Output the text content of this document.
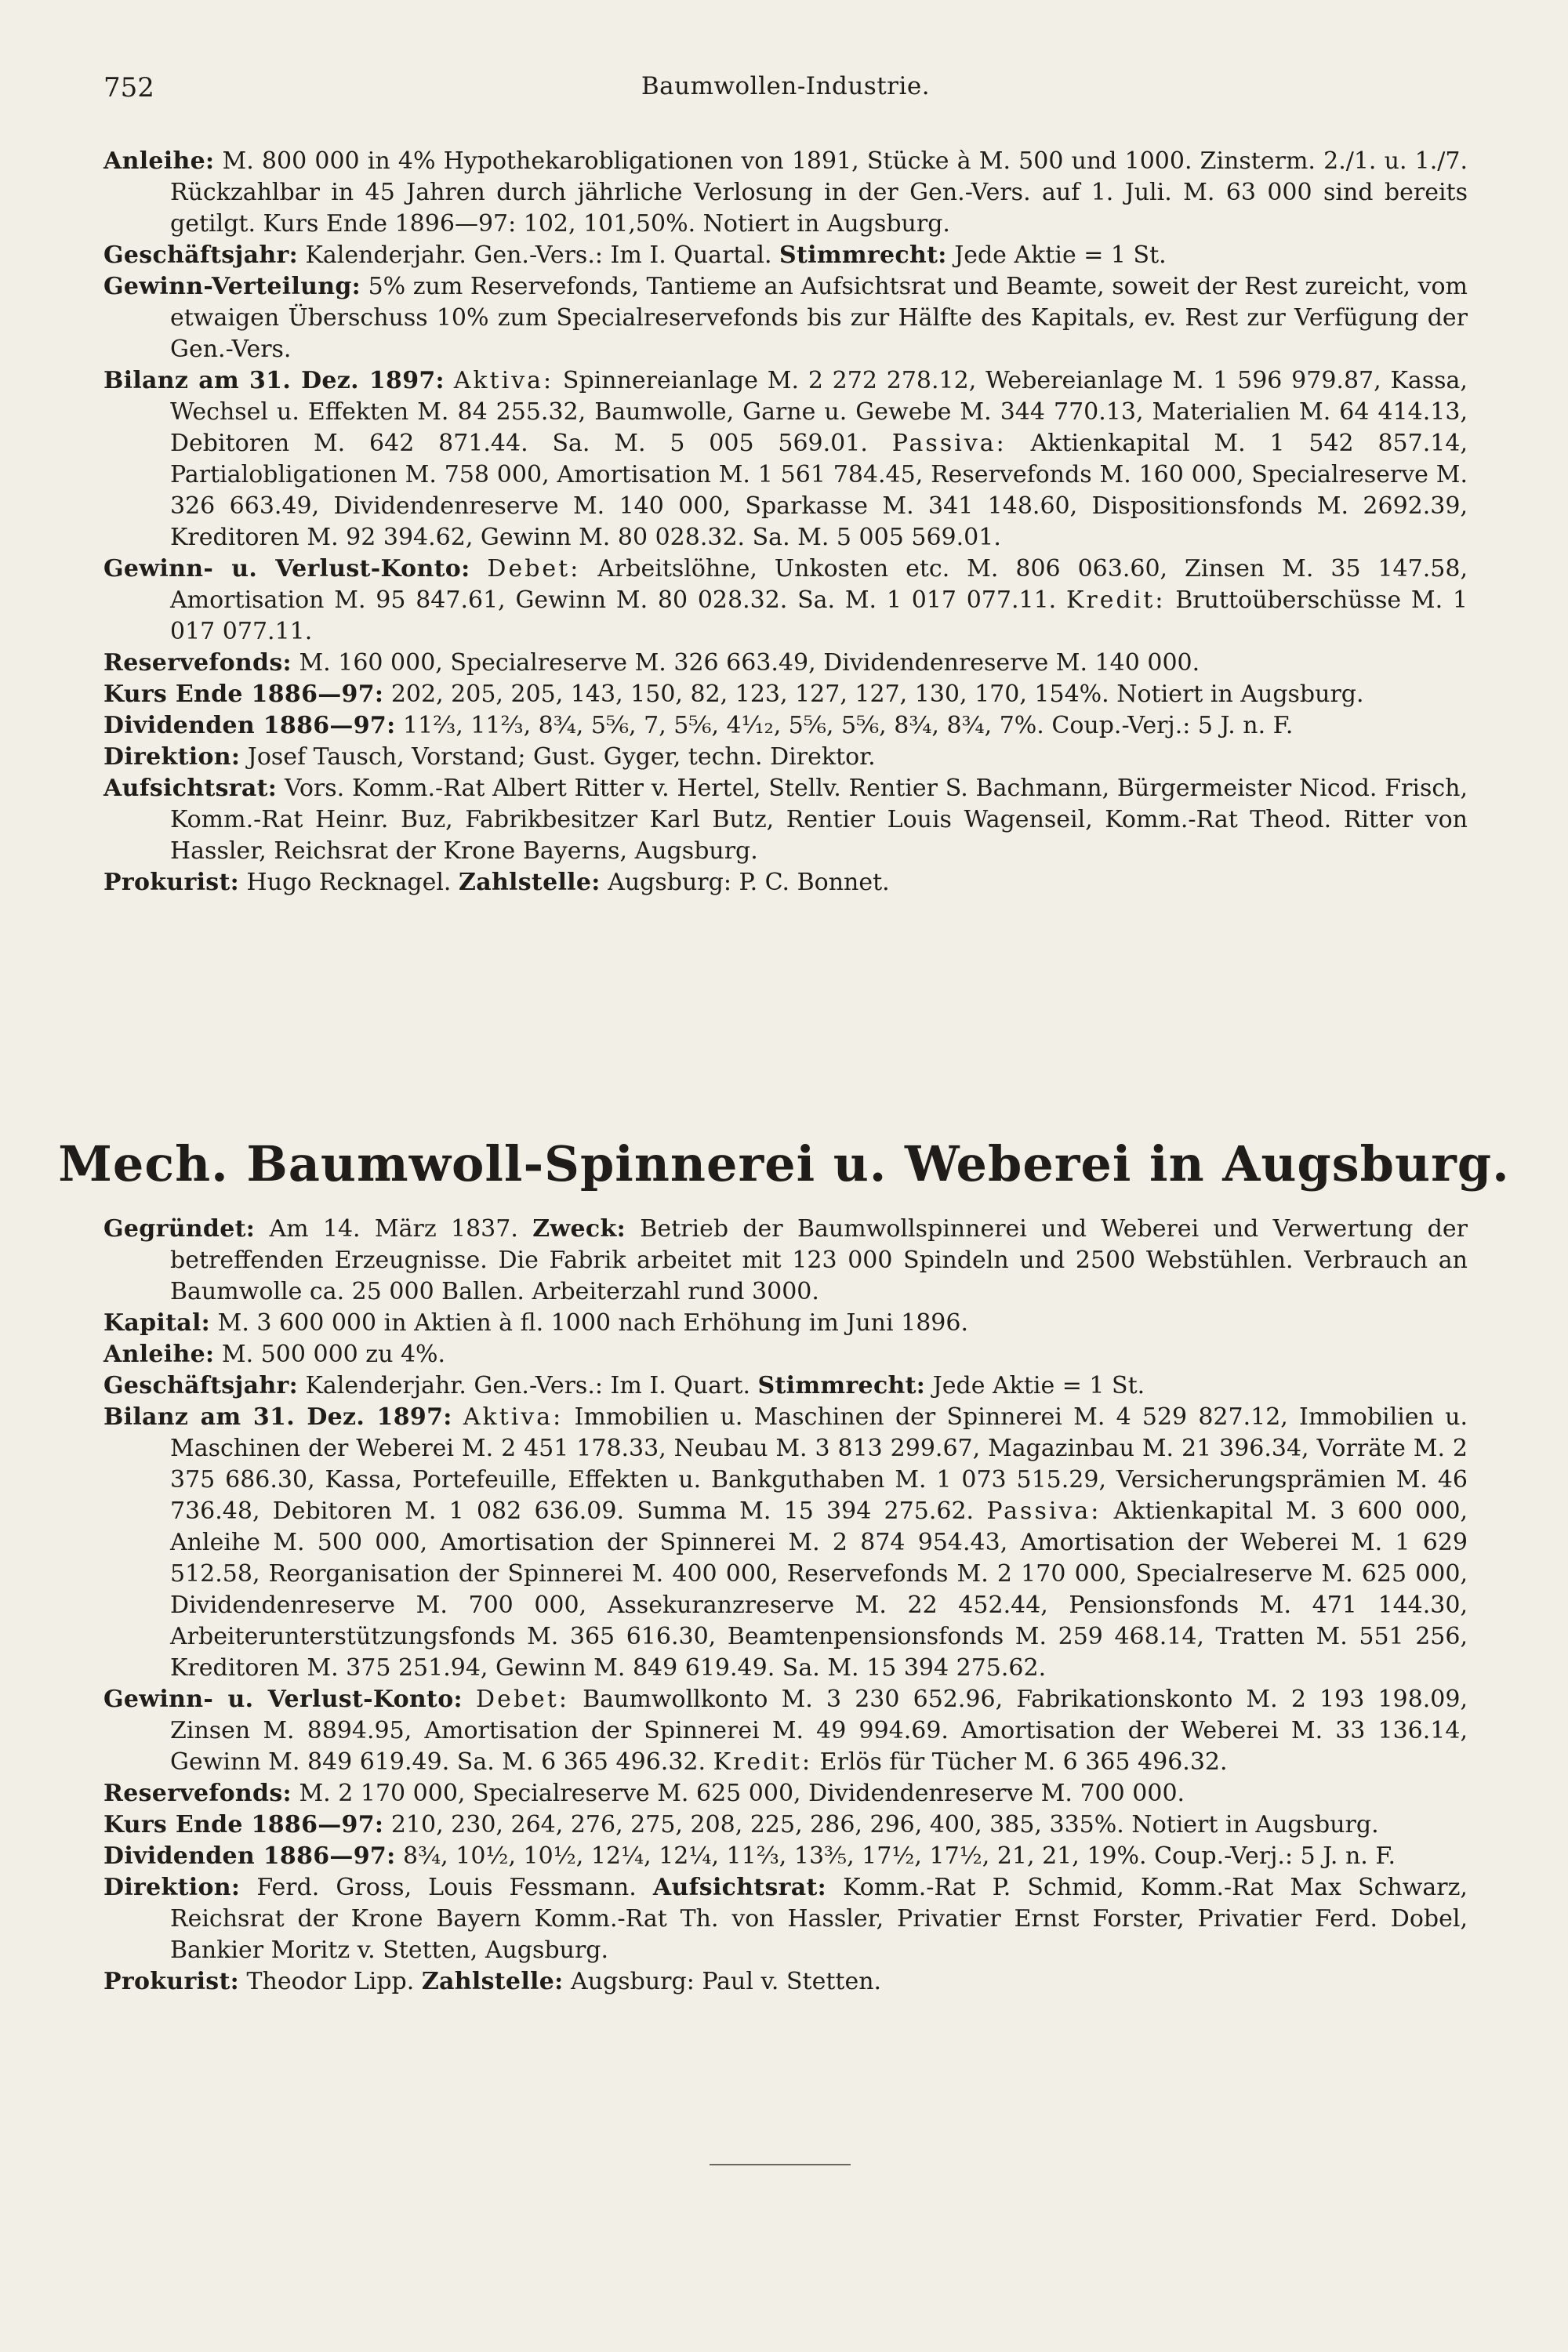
752	Baumwollen-Industrie.

Anleihe: M. 800 000 in 4% Hypothekarobligationen von 1891, Stücke à M. 500 und 1000. Zinsterm. 2./1. u. 1./7. Rückzahlbar in 45 Jahren durch jährliche Verlosung in der Gen.-Vers. auf 1. Juli. M. 63 000 sind bereits getilgt. Kurs Ende 1896—97: 102, 101,50%. Notiert in Augsburg.

Geschäftsjahr: Kalenderjahr. Gen.-Vers.: Im I. Quartal. Stimmrecht: Jede Aktie = 1 St.

Gewinn-Verteilung: 5% zum Reservefonds, Tantieme an Aufsichtsrat und Beamte, soweit der Rest zureicht, vom etwaigen Überschuss 10% zum Specialreservefonds bis zur Hälfte des Kapitals, ev. Rest zur Verfügung der Gen.-Vers.

Bilanz am 31. Dez. 1897: Aktiva: Spinnereianlage M. 2 272 278.12, Webereianlage M. 1 596 979.87, Kassa, Wechsel u. Effekten M. 84 255.32, Baumwolle, Garne u. Gewebe M. 344 770.13, Materialien M. 64 414.13, Debitoren M. 642 871.44. Sa. M. 5 005 569.01. Passiva: Aktienkapital M. 1 542 857.14, Partialobligationen M. 758 000, Amortisation M. 1 561 784.45, Reservefonds M. 160 000, Specialreserve M. 326 663.49, Dividendenreserve M. 140 000, Sparkasse M. 341 148.60, Dispositionsfonds M. 2692.39, Kreditoren M. 92 394.62, Gewinn M. 80 028.32. Sa. M. 5 005 569.01.

Gewinn- u. Verlust-Konto: Debet: Arbeitslöhne, Unkosten etc. M. 806 063.60, Zinsen M. 35 147.58, Amortisation M. 95 847.61, Gewinn M. 80 028.32. Sa. M. 1 017 077.11. Kredit: Bruttoüberschüsse M. 1 017 077.11.

Reservefonds: M. 160 000, Specialreserve M. 326 663.49, Dividendenreserve M. 140 000.

Kurs Ende 1886—97: 202, 205, 205, 143, 150, 82, 123, 127, 127, 130, 170, 154%. Notiert in Augsburg.

Dividenden 1886—97: 11⅔, 11⅔, 8¾, 5⅚, 7, 5⅚, 4¹⁄₁₂, 5⅚, 5⅚, 8¾, 8¾, 7%. Coup.-Verj.: 5 J. n. F.

Direktion: Josef Tausch, Vorstand; Gust. Gyger, techn. Direktor.

Aufsichtsrat: Vors. Komm.-Rat Albert Ritter v. Hertel, Stellv. Rentier S. Bachmann, Bürgermeister Nicod. Frisch, Komm.-Rat Heinr. Buz, Fabrikbesitzer Karl Butz, Rentier Louis Wagenseil, Komm.-Rat Theod. Ritter von Hassler, Reichsrat der Krone Bayerns, Augsburg.

Prokurist: Hugo Recknagel. Zahlstelle: Augsburg: P. C. Bonnet.

Mech. Baumwoll-Spinnerei u. Weberei in Augsburg.

Gegründet: Am 14. März 1837. Zweck: Betrieb der Baumwollspinnerei und Weberei und Verwertung der betreffenden Erzeugnisse. Die Fabrik arbeitet mit 123 000 Spindeln und 2500 Webstühlen. Verbrauch an Baumwolle ca. 25 000 Ballen. Arbeiterzahl rund 3000.

Kapital: M. 3 600 000 in Aktien à fl. 1000 nach Erhöhung im Juni 1896.

Anleihe: M. 500 000 zu 4%.

Geschäftsjahr: Kalenderjahr. Gen.-Vers.: Im I. Quart. Stimmrecht: Jede Aktie = 1 St.

Bilanz am 31. Dez. 1897: Aktiva: Immobilien u. Maschinen der Spinnerei M. 4 529 827.12, Immobilien u. Maschinen der Weberei M. 2 451 178.33, Neubau M. 3 813 299.67, Magazinbau M. 21 396.34, Vorräte M. 2 375 686.30, Kassa, Portefeuille, Effekten u. Bankguthaben M. 1 073 515.29, Versicherungsprämien M. 46 736.48, Debitoren M. 1 082 636.09. Summa M. 15 394 275.62. Passiva: Aktienkapital M. 3 600 000, Anleihe M. 500 000, Amortisation der Spinnerei M. 2 874 954.43, Amortisation der Weberei M. 1 629 512.58, Reorganisation der Spinnerei M. 400 000, Reservefonds M. 2 170 000, Specialreserve M. 625 000, Dividendenreserve M. 700 000, Assekuranzreserve M. 22 452.44, Pensionsfonds M. 471 144.30, Arbeiterunterstützungsfonds M. 365 616.30, Beamtenpensionsfonds M. 259 468.14, Tratten M. 551 256, Kreditoren M. 375 251.94, Gewinn M. 849 619.49. Sa. M. 15 394 275.62.

Gewinn- u. Verlust-Konto: Debet: Baumwollkonto M. 3 230 652.96, Fabrikationskonto M. 2 193 198.09, Zinsen M. 8894.95, Amortisation der Spinnerei M. 49 994.69. Amortisation der Weberei M. 33 136.14, Gewinn M. 849 619.49. Sa. M. 6 365 496.32. Kredit: Erlös für Tücher M. 6 365 496.32.

Reservefonds: M. 2 170 000, Specialreserve M. 625 000, Dividendenreserve M. 700 000.

Kurs Ende 1886—97: 210, 230, 264, 276, 275, 208, 225, 286, 296, 400, 385, 335%. Notiert in Augsburg.

Dividenden 1886—97: 8¾, 10½, 10½, 12¼, 12¼, 11⅔, 13⅗, 17½, 17½, 21, 21, 19%. Coup.-Verj.: 5 J. n. F.

Direktion: Ferd. Gross, Louis Fessmann. Aufsichtsrat: Komm.-Rat P. Schmid, Komm.-Rat Max Schwarz, Reichsrat der Krone Bayern Komm.-Rat Th. von Hassler, Privatier Ernst Forster, Privatier Ferd. Dobel, Bankier Moritz v. Stetten, Augsburg.

Prokurist: Theodor Lipp. Zahlstelle: Augsburg: Paul v. Stetten.
